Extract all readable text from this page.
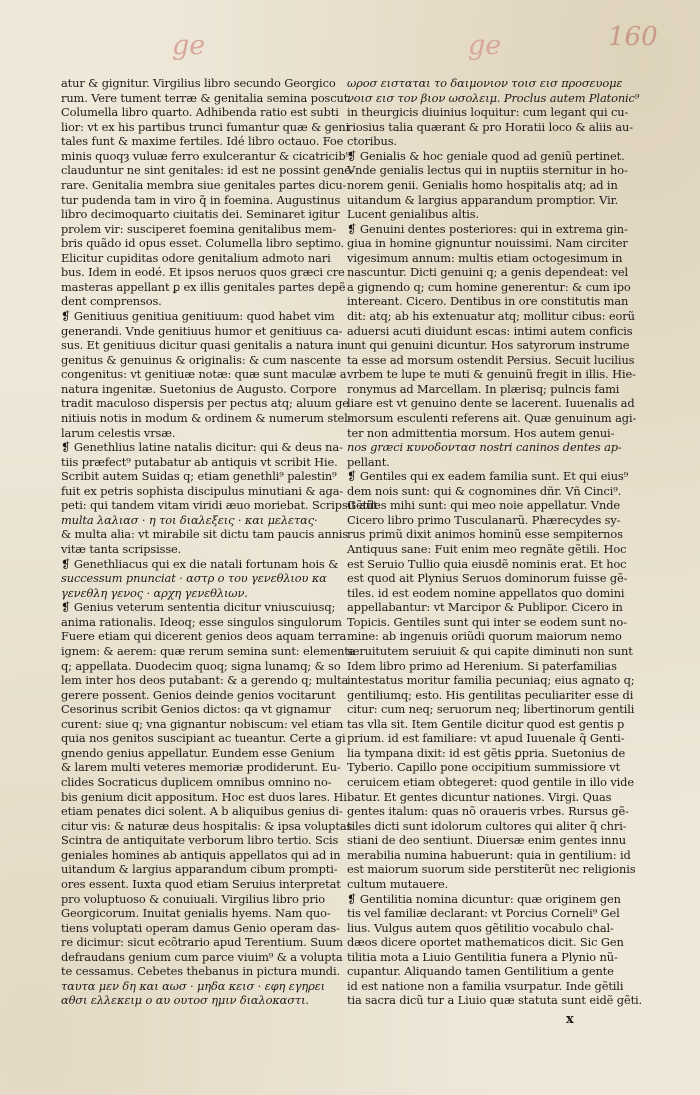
ge	ge	160
atur & gignitur. Virgilius libro secundo Georgico
rum. Vere tument terræ & genitalia semina poscut.
Columella libro quarto. Adhibenda ratio est subti
lior: vt ex his partibus trunci fumantur quæ & geni
tales funt & maxime fertiles. Idé libro octauo. Foe
minis quoqȝ vuluæ ferro exulcerantur & cicatricib⁹
clauduntur ne sint genitales: id est ne possint gene-
rare. Genitalia membra siue genitales partes dicu-
tur pudenda tam in viro q̃ in foemina. Augustinus
libro decimoquarto ciuitatis dei. Seminaret igitur
prolem vir: susciperet foemina genitalibus mem-
bris quãdo id opus esset. Columella libro septimo.
Elicitur cupiditas odore genitalium admoto nari
bus. Idem in eodé. Et ipsos neruos quos græci cre
masteras appellant ꝑ ex illis genitales partes depẽ
dent comprensos.
❡ Genitiuus genitiua genitiuum: quod habet vim
generandi. Vnde genitiuus humor et genitiuus ca-
sus. Et genitiuus dicitur quasi genitalis a natura in
genitus & genuinus & originalis: & cum nascente
congenitus: vt genitiuæ notæ: quæ sunt maculæ a
natura ingenitæ. Suetonius de Augusto. Corpore
tradit maculoso dispersis per pectus atq; aluum ge
nitiuis notis in modum & ordinem & numerum stel-
larum celestis vrsæ.
❡ Genethlius latine natalis dicitur: qui & deus na-
tiis præfect⁹ putabatur ab antiquis vt scribit Hie.
Scribit autem Suidas q; etiam genethli⁹ palestin⁹
fuit ex petris sophista discipulus minutiani & aga-
peti: qui tandem vitam viridi æuo moriebat. Scripsit aūt
multa λαλιασ · η τοι διαλεξεις · και μελετας·
& multa alia: vt mirabile sit dictu tam paucis annis
vitæ tanta scripsisse.
❡ Genethliacus qui ex die natali fortunam hois &
successum pnunciat · αστρ ο του γενεθλιου κα
γενεθλη γενος · αρχη γενεθλιων.
❡ Genius veterum sententia dicitur vniuscuiusq;
anima rationalis. Ideoq; esse singulos singulorum
Fuere etiam qui dicerent genios deos aquam terra
ignem: & aerem: quæ rerum semina sunt: elementa
q; appellata. Duodecim quoq; signa lunamq; & so
lem inter hos deos putabant: & a gerendo q; multa
gerere possent. Genios deinde genios vocitarunt
Cesorinus scribit Genios dictos: qa vt gignamur
curent: siue q; vna gignantur nobiscum: vel etiam
quia nos genitos suscipiant ac tueantur. Certe a gi
gnendo genius appellatur. Eundem esse Genium
& larem multi veteres memoriæ prodiderunt. Eu-
clides Socraticus duplicem omnibus omnino no-
bis genium dicit appositum. Hoc est duos lares. Hi
etiam penates dici solent. A b aliquibus genius di-
citur vis: & naturæ deus hospitalis: & ipsa voluptas
Scintra de antiquitate verborum libro tertio. Scis
geniales homines ab antiquis appellatos qui ad in
uitandum & largius apparandum cibum prompti-
ores essent. Iuxta quod etiam Seruius interpretat
pro voluptuoso & conuiuali. Virgilius libro prio
Georgicorum. Inuitat genialis hyems. Nam quo-
tiens voluptati operam damus Genio operam das-
re dicimur: sicut ecõtrario apud Terentium. Suum
defraudans genium cum parce viuim⁹ & a volupta
te cessamus. Cebetes thebanus in pictura mundi.
ταυτα μεν δη και αωσ · μηδα κεισ · εφη εγηρει
αθσι ελλεκειμ ο αυ ουτοσ ημιν διαλοκαστι.
ωροσ εισταται το δαιμονιον τοισ εισ προσευομε
νοισ εισ τον βιον ωσολειμ. Proclus autem Platonic⁹
in theurgicis diuinius loquitur: cum legant qui cu-
riosius talia quærant & pro Horatii loco & aliis au-
ctoribus.
❡ Genialis & hoc geniale quod ad geniũ pertinet.
Vnde genialis lectus qui in nuptiis sternitur in ho-
norem genii. Genialis homo hospitalis atq; ad in
uitandum & largius apparandum promptior. Vir.
Lucent genialibus altis.
❡ Genuini dentes posteriores: qui in extrema gin-
giua in homine gignuntur nouissimi. Nam circiter
vigesimum annum: multis etiam octogesimum in
nascuntur. Dicti genuini q; a genis dependeat: vel
a gignendo q; cum homine generentur: & cum ipo
intereant. Cicero. Dentibus in ore constitutis man
dit: atq; ab his extenuatur atq; mollitur cibus: eorũ
aduersi acuti diuidunt escas: intimi autem conficis
unt qui genuini dicuntur. Hos satyrorum instrume
ta esse ad morsum ostendit Persius. Secuit lucilius
vrbem te lupe te muti & genuinũ fregit in illis. Hie-
ronymus ad Marcellam. In plærisq; pulncis fami
liare est vt genuino dente se lacerent. Iuuenalis ad
morsum esculenti referens ait. Quæ genuinum agi-
ter non admittentia morsum. Hos autem genui-
nos græci κυνοδοντασ nostri caninos dentes ap-
pellant.
❡ Gentiles qui ex eadem familia sunt. Et qui eius⁹
dem nois sunt: qui & cognomines dñr. Vñ Cinci⁹.
Gẽtiles mihi sunt: qui meo noie appellatur. Vnde
Cicero libro primo Tusculanarũ. Phærecydes sy-
rus primũ dixit animos hominũ esse sempiternos
Antiquus sane: Fuit enim meo regnãte gẽtili. Hoc
est Seruio Tullio quia eiusdẽ nominis erat. Et hoc
est quod ait Plynius Seruos dominorum fuisse gẽ-
tiles. id est eodem nomine appellatos quo domini
appellabantur: vt Marcipor & Publipor. Cicero in
Topicis. Gentiles sunt qui inter se eodem sunt no-
mine: ab ingenuis oriũdi quorum maiorum nemo
seruitutem seruiuit & qui capite diminuti non sunt
Idem libro primo ad Herenium. Si paterfamilias
intestatus moritur familia pecuniaq; eius agnato q;
gentiliumq; esto. His gentilitas peculiariter esse di
citur: cum neq; seruorum neq; libertinorum gentili
tas vlla sit. Item Gentile dicitur quod est gentis p
prium. id est familiare: vt apud Iuuenale q̃ Genti-
lia tympana dixit: id est gẽtis ꝑpria. Suetonius de
Tyberio. Capillo pone occipitium summissiore vt
ceruicem etiam obtegeret: quod gentile in illo vide
batur. Et gentes dicuntur nationes. Virgi. Quas
gentes italum: quas nõ oraueris vrbes. Rursus gẽ-
tiles dicti sunt idolorum cultores qui aliter q̃ chri-
stiani de deo sentiunt. Diuersæ enim gentes innu
merabilia numina habuerunt: quia in gentilium: id
est maiorum suorum side perstiterũt nec religionis
cultum mutauere.
❡ Gentilitia nomina dicuntur: quæ originem gen
tis vel familiæ declarant: vt Porcius Corneli⁹ Gel
lius. Vulgus autem quos gẽtilitio vocabulo chal-
dæos dicere oportet mathematicos dicit. Sic Gen
tilitia mota a Liuio Gentilitia funera a Plynio nũ-
cupantur. Aliquando tamen Gentilitium a gente
id est natione non a familia vsurpatur. Inde gẽtili
tia sacra dicũ tur a Liuio quæ statuta sunt eidẽ gẽti.
x
